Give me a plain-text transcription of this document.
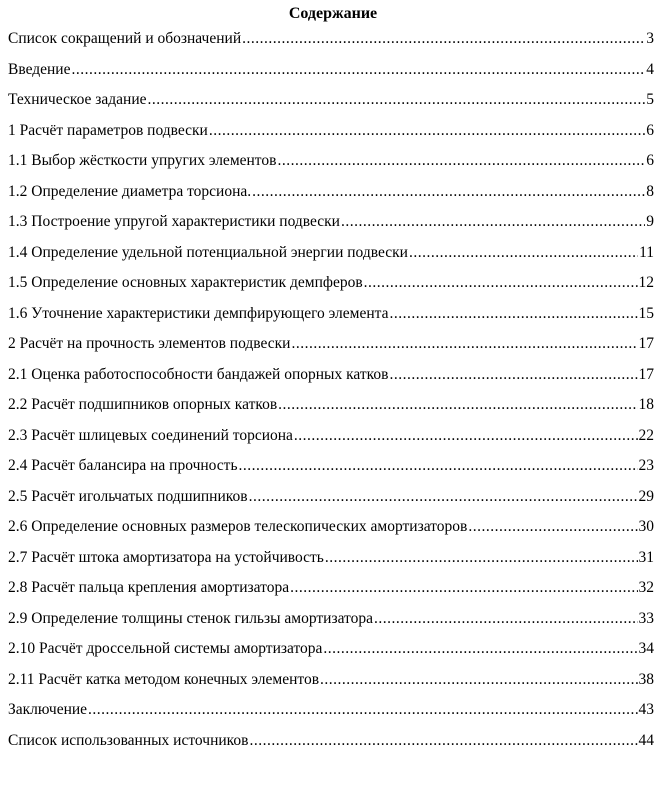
Содержание
Список сокращений и обозначений .....	3
Введение .....	4
Техническое задание .....	5
1 Расчёт параметров подвески .....	6
1.1 Выбор жёсткости упругих элементов .....	6
1.2 Определение диаметра торсиона. .....	8
1.3 Построение упругой характеристики подвески .....	9
1.4 Определение удельной потенциальной энергии подвески .....	11
1.5 Определение основных характеристик демпферов .....	12
1.6 Уточнение характеристики демпфирующего элемента .....	15
2 Расчёт на прочность элементов подвески .....	17
2.1 Оценка работоспособности бандажей опорных катков .....	17
2.2 Расчёт подшипников опорных катков .....	18
2.3 Расчёт шлицевых соединений торсиона .....	22
2.4 Расчёт балансира на прочность .....	23
2.5 Расчёт игольчатых подшипников .....	29
2.6 Определение основных размеров телескопических амортизаторов .....	30
2.7 Расчёт штока амортизатора на устойчивость .....	31
2.8 Расчёт пальца крепления амортизатора .....	32
2.9 Определение толщины стенок гильзы амортизатора .....	33
2.10 Расчёт дроссельной системы амортизатора .....	34
2.11 Расчёт катка методом конечных элементов .....	38
Заключение .....	43
Список использованных источников .....	44
